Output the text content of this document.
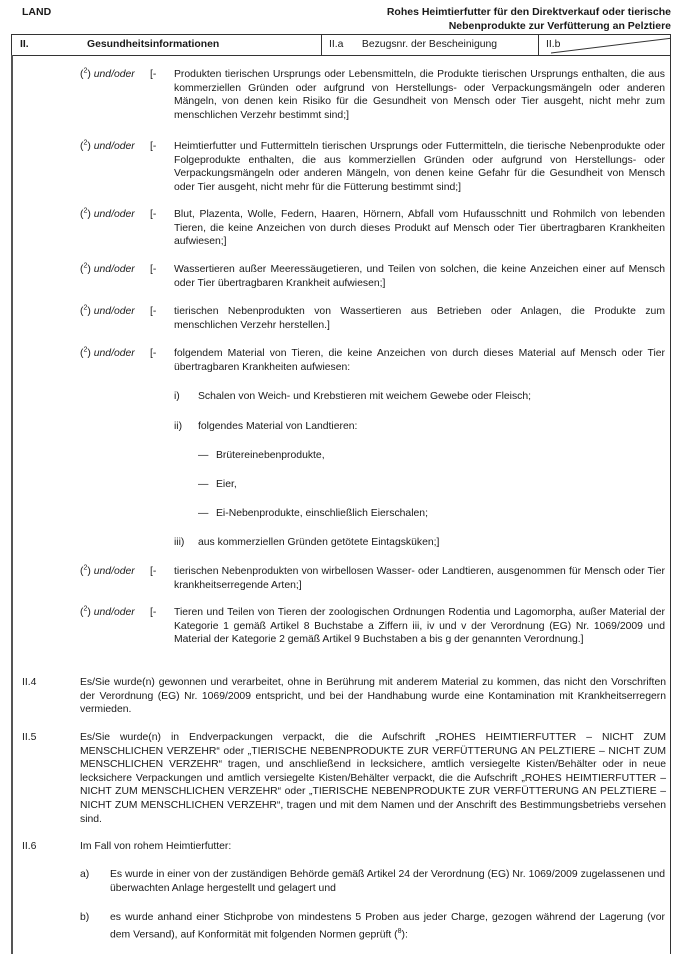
LAND	Rohes Heimtierfutter für den Direktverkauf oder tierische
Nebenprodukte zur Verfütterung an Pelztiere
II.	Gesundheitsinformationen	II.a Bezugsnr. der Bescheinigung	II.b
($^2$) und/oder [- Produkten tierischen Ursprungs oder Lebensmitteln, die Produkte tierischen Ursprungs enthalten, die aus kommerziellen Gründen oder aufgrund von Herstellungs- oder Verpackungsmängeln oder anderen Mängeln, von denen kein Risiko für die Gesundheit von Mensch oder Tier ausgeht, nicht mehr zum menschlichen Verzehr bestimmt sind;]
($^2$) und/oder [- Heimtierfutter und Futtermitteln tierischen Ursprungs oder Futtermitteln, die tierische Nebenprodukte oder Folgeprodukte enthalten, die aus kommerziellen Gründen oder aufgrund von Herstellungs- oder Verpackungsmängeln oder anderen Mängeln, von denen keine Gefahr für die Gesundheit von Mensch oder Tier ausgeht, nicht mehr für die Fütterung bestimmt sind;]
($^2$) und/oder [- Blut, Plazenta, Wolle, Federn, Haaren, Hörnern, Abfall vom Hufausschnitt und Rohmilch von lebenden Tieren, die keine Anzeichen von durch dieses Produkt auf Mensch oder Tier übertragbaren Krankheiten aufwiesen;]
($^2$) und/oder [- Wassertieren außer Meeressäugetieren, und Teilen von solchen, die keine Anzeichen einer auf Mensch oder Tier übertragbaren Krankheit aufwiesen;]
($^2$) und/oder [- tierischen Nebenprodukten von Wassertieren aus Betrieben oder Anlagen, die Produkte zum menschlichen Verzehr herstellen.]
($^2$) und/oder [- folgendem Material von Tieren, die keine Anzeichen von durch dieses Material auf Mensch oder Tier übertragbaren Krankheiten aufwiesen:
i) Schalen von Weich- und Krebstieren mit weichem Gewebe oder Fleisch;
ii) folgendes Material von Landtieren:
— Brütereinebenprodukte,
— Eier,
— Ei-Nebenprodukte, einschließlich Eierschalen;
iii) aus kommerziellen Gründen getötete Eintagsküken;]
($^2$) und/oder [- tierischen Nebenprodukten von wirbellosen Wasser- oder Landtieren, ausgenommen für Mensch oder Tier krankheitserregende Arten;]
($^2$) und/oder [- Tieren und Teilen von Tieren der zoologischen Ordnungen Rodentia und Lagomorpha, außer Material der Kategorie 1 gemäß Artikel 8 Buchstabe a Ziffern iii, iv und v der Verordnung (EG) Nr. 1069/2009 und Material der Kategorie 2 gemäß Artikel 9 Buchstaben a bis g der genannten Verordnung.]
II.4	Es/Sie wurde(n) gewonnen und verarbeitet, ohne in Berührung mit anderem Material zu kommen, das nicht den Vorschriften der Verordnung (EG) Nr. 1069/2009 entspricht, und bei der Handhabung wurde eine Kontamination mit Krankheitserregern vermieden.
II.5	Es/Sie wurde(n) in Endverpackungen verpackt, die die Aufschrift „ROHES HEIMTIERFUTTER – NICHT ZUM MENSCHLICHEN VERZEHR“ oder „TIERISCHE NEBENPRODUKTE ZUR VERFÜTTERUNG AN PELZTIERE – NICHT ZUM MENSCHLICHEN VERZEHR“ tragen, und anschließend in lecksichere, amtlich versiegelte Kisten/Behälter oder in neue lecksichere Verpackungen und amtlich versiegelte Kisten/Behälter verpackt, die die Aufschrift „ROHES HEIMTIERFUTTER – NICHT ZUM MENSCHLICHEN VERZEHR“ oder „TIERISCHE NEBENPRODUKTE ZUR VERFÜTTERUNG AN PELZTIERE – NICHT ZUM MENSCHLICHEN VERZEHR“, tragen und mit dem Namen und der Anschrift des Bestimmungsbetriebs versehen sind.
II.6	Im Fall von rohem Heimtierfutter:
a) Es wurde in einer von der zuständigen Behörde gemäß Artikel 24 der Verordnung (EG) Nr. 1069/2009 zugelassenen und überwachten Anlage hergestellt und gelagert und
b) es wurde anhand einer Stichprobe von mindestens 5 Proben aus jeder Charge, gezogen während der Lagerung (vor dem Versand), auf Konformität mit folgenden Normen geprüft ($^8$):
